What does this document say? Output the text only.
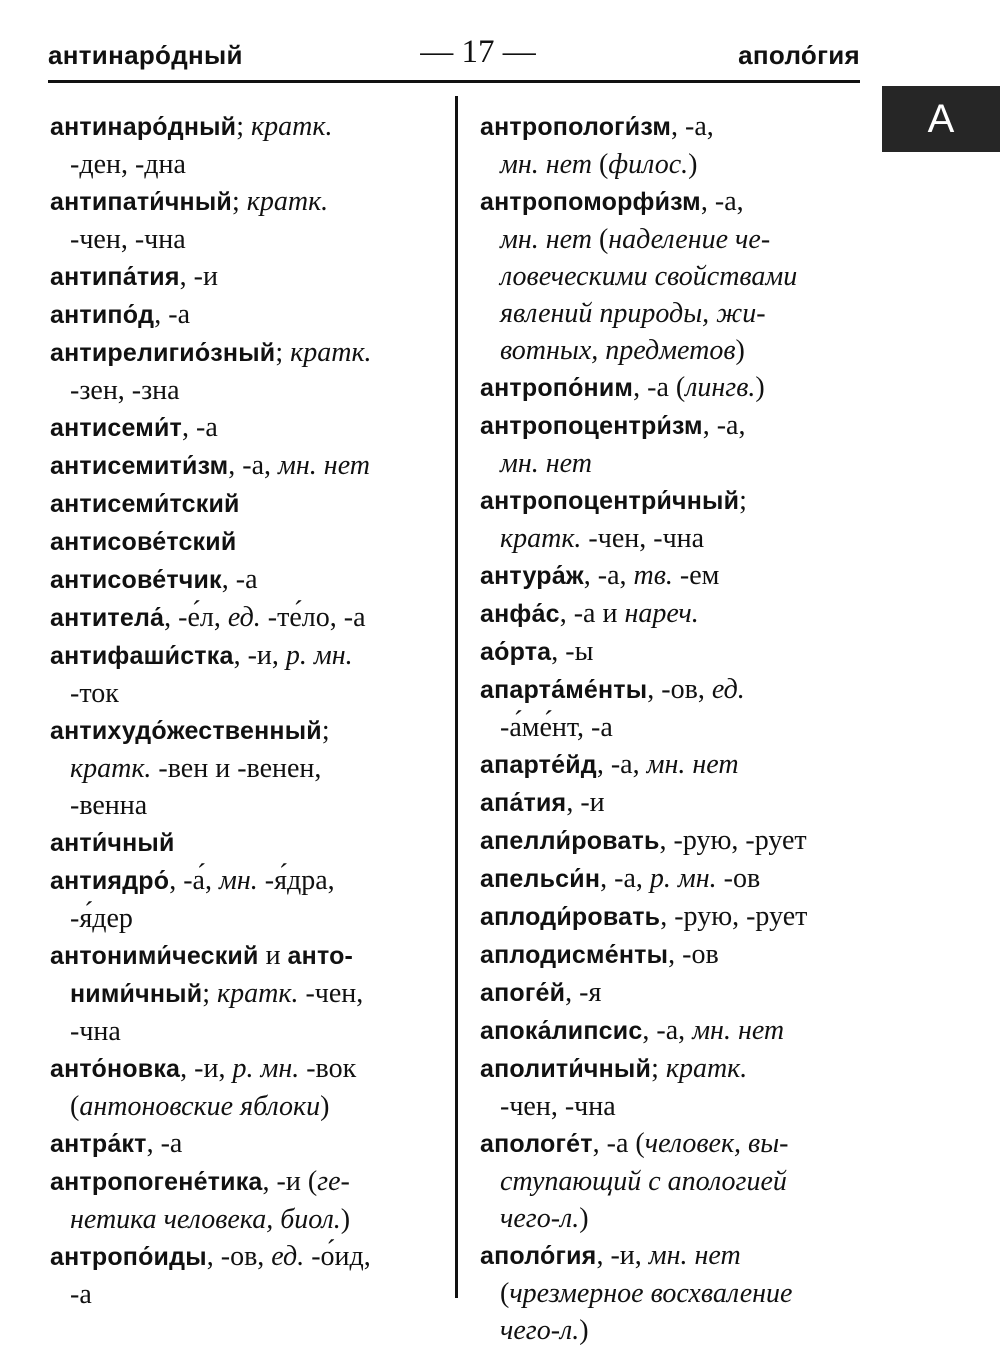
антинаро́дный	— 17 —	аполо́гия
А
антинаро́дный; кратк.
-ден, -дна
антипати́чный; кратк.
-чен, -чна
антипа́тия, -и
антипо́д, -а
антирелигио́зный; кратк.
-зен, -зна
антисеми́т, -а
антисемити́зм, -а, мн. нет
антисеми́тский
антисове́тский
антисове́тчик, -а
антитела́, -е́л, ед. -те́ло, -а
антифаши́стка, -и, р. мн.
-ток
антихудо́жественный;
кратк. -вен и -венен,
-венна
анти́чный
антиядро́, -а́, мн. -я́дра,
-я́дер
антоними́ческий и анто-
ними́чный; кратк. -чен,
-чна
анто́новка, -и, р. мн. -вок
(антоновские яблоки)
антра́кт, -а
антропогене́тика, -и (ге-
нетика человека, биол.)
антропо́иды, -ов, ед. -о́ид,
-а
антропологи́зм, -а,
мн. нет (филос.)
антропоморфи́зм, -а,
мн. нет (наделение че-
ловеческими свойствами
явлений природы, жи-
вотных, предметов)
антропо́ним, -а (лингв.)
антропоцентри́зм, -а,
мн. нет
антропоцентри́чный;
кратк. -чен, -чна
антура́ж, -а, тв. -ем
анфа́с, -а и нареч.
ао́рта, -ы
апарта́ме́нты, -ов, ед.
-а́ме́нт, -а
апарте́йд, -а, мн. нет
апа́тия, -и
апелли́ровать, -рую, -рует
апельси́н, -а, р. мн. -ов
аплоди́ровать, -рую, -рует
аплодисме́нты, -ов
апоге́й, -я
апока́липсис, -а, мн. нет
аполити́чный; кратк.
-чен, -чна
апологе́т, -а (человек, вы-
ступающий с апологией
чего-л.)
аполо́гия, -и, мн. нет
(чрезмерное восхваление
чего-л.)
